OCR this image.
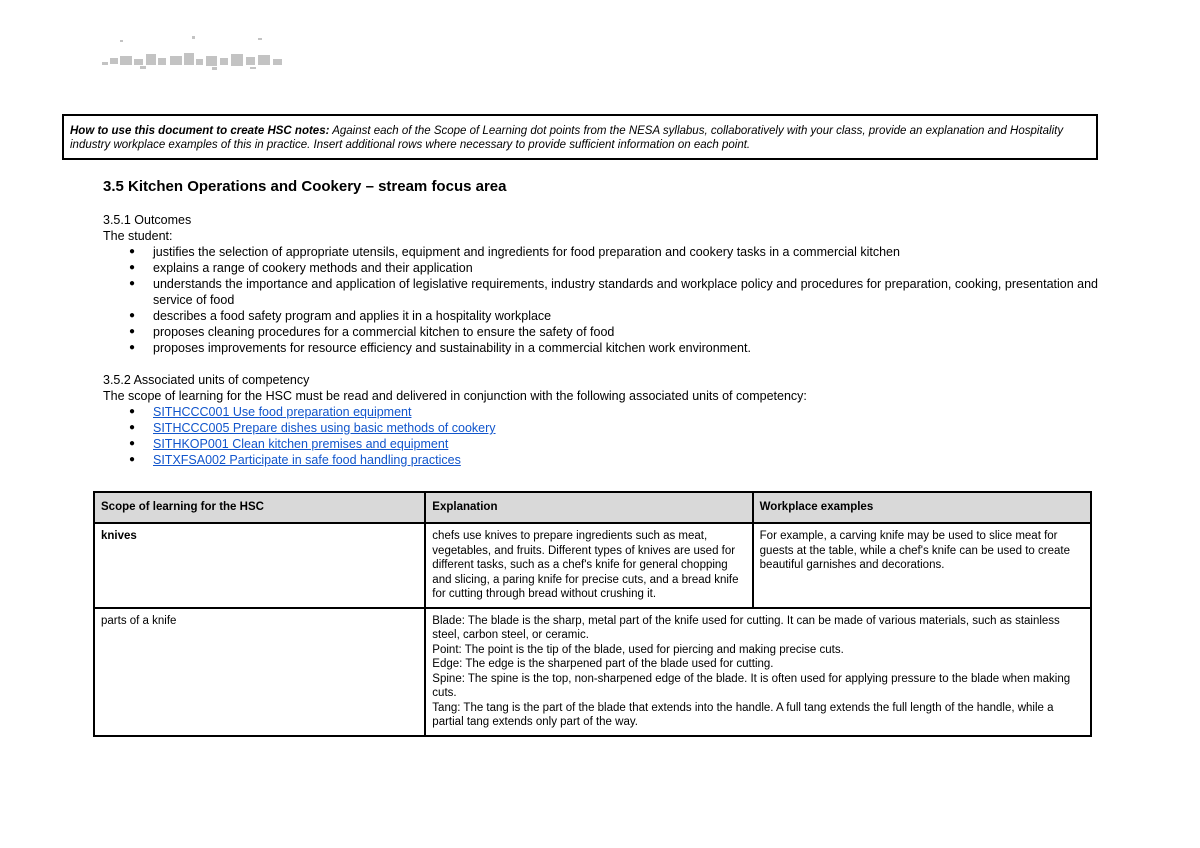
How to use this document to create HSC notes: Against each of the Scope of Learning dot points from the NESA syllabus, collaboratively with your class, provide an explanation and Hospitality industry workplace examples of this in practice. Insert additional rows where necessary to provide sufficient information on each point.
3.5 Kitchen Operations and Cookery – stream focus area
3.5.1 Outcomes
The student:
● justifies the selection of appropriate utensils, equipment and ingredients for food preparation and cookery tasks in a commercial kitchen
● explains a range of cookery methods and their application
● understands the importance and application of legislative requirements, industry standards and workplace policy and procedures for preparation, cooking, presentation and service of food
● describes a food safety program and applies it in a hospitality workplace
● proposes cleaning procedures for a commercial kitchen to ensure the safety of food
● proposes improvements for resource efficiency and sustainability in a commercial kitchen work environment.
3.5.2 Associated units of competency
The scope of learning for the HSC must be read and delivered in conjunction with the following associated units of competency:
● SITHCCC001 Use food preparation equipment
● SITHCCC005 Prepare dishes using basic methods of cookery
● SITHKOP001 Clean kitchen premises and equipment
● SITXFSA002 Participate in safe food handling practices
Scope of learning for the HSC	Explanation	Workplace examples
knives	chefs use knives to prepare ingredients such as meat, vegetables, and fruits. Different types of knives are used for different tasks, such as a chef's knife for general chopping and slicing, a paring knife for precise cuts, and a bread knife for cutting through bread without crushing it.	For example, a carving knife may be used to slice meat for guests at the table, while a chef's knife can be used to create beautiful garnishes and decorations.
parts of a knife	Blade: The blade is the sharp, metal part of the knife used for cutting. It can be made of various materials, such as stainless steel, carbon steel, or ceramic.
Point: The point is the tip of the blade, used for piercing and making precise cuts.
Edge: The edge is the sharpened part of the blade used for cutting.
Spine: The spine is the top, non-sharpened edge of the blade. It is often used for applying pressure to the blade when making cuts.
Tang: The tang is the part of the blade that extends into the handle. A full tang extends the full length of the handle, while a partial tang extends only part of the way.	
